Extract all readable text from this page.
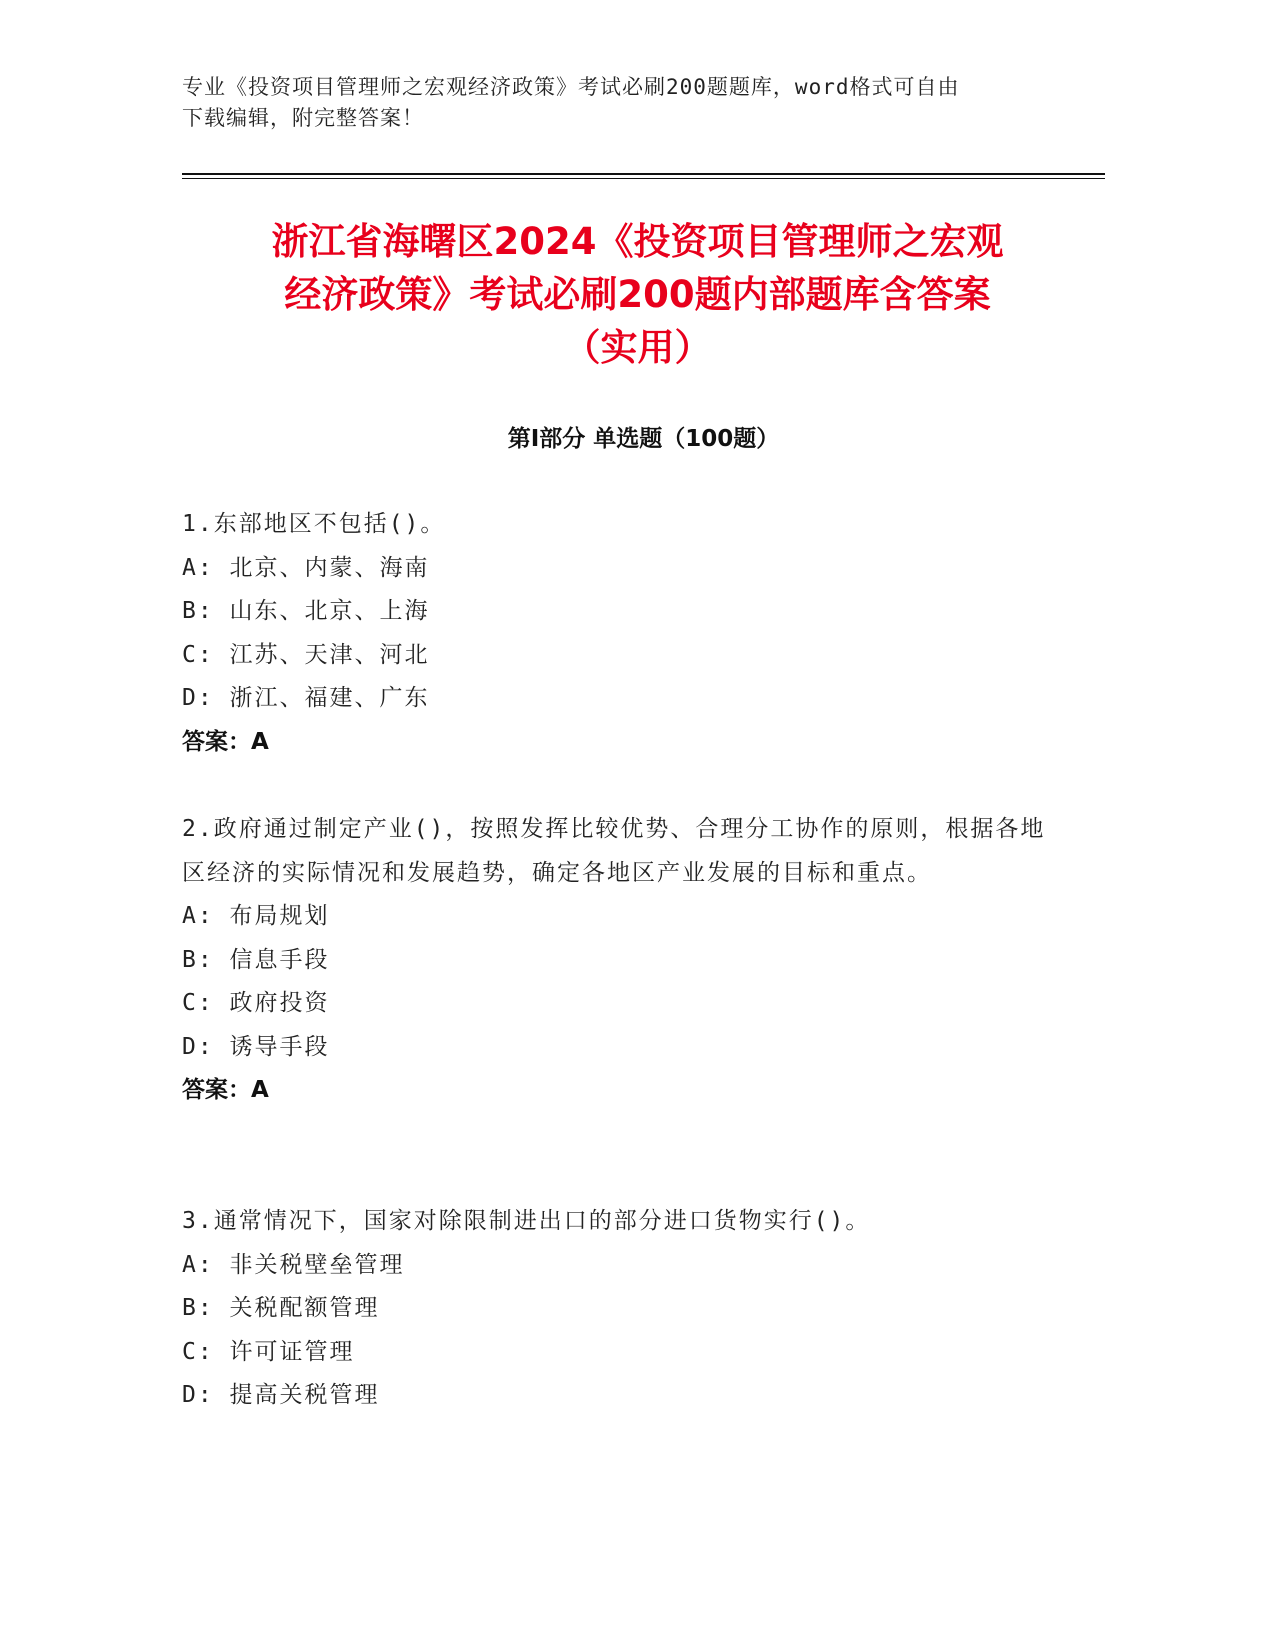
专业《投资项目管理师之宏观经济政策》考试必刷200题题库，word格式可自由
下载编辑，附完整答案！
浙江省海曙区2024《投资项目管理师之宏观
经济政策》考试必刷200题内部题库含答案
（实用）
第Ⅰ部分 单选题（100题）
1.东部地区不包括()。
A: 北京、内蒙、海南
B: 山东、北京、上海
C: 江苏、天津、河北
D: 浙江、福建、广东
答案：A
2.政府通过制定产业()，按照发挥比较优势、合理分工协作的原则，根据各地区经济的实际情况和发展趋势，确定各地区产业发展的目标和重点。
A: 布局规划
B: 信息手段
C: 政府投资
D: 诱导手段
答案：A
3.通常情况下，国家对除限制进出口的部分进口货物实行()。
A: 非关税壁垒管理
B: 关税配额管理
C: 许可证管理
D: 提高关税管理
